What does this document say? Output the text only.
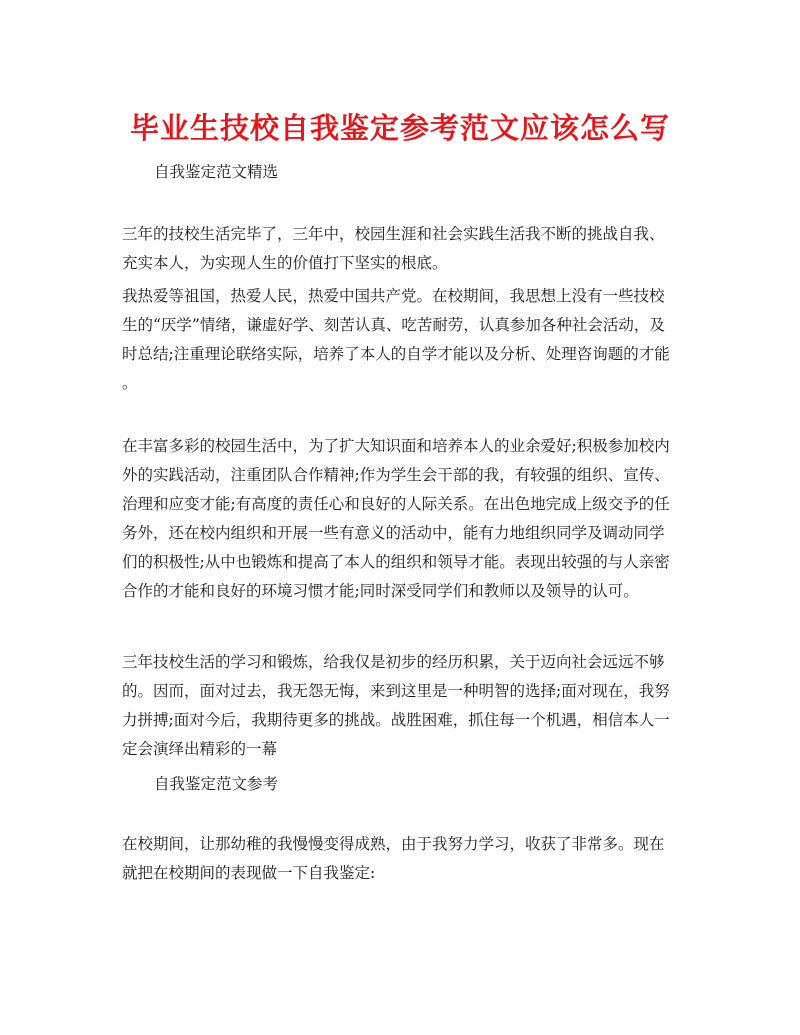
毕业生技校自我鉴定参考范文应该怎么写

自我鉴定范文精选

三年的技校生活完毕了，三年中，校园生涯和社会实践生活我不断的挑战自我、
充实本人，为实现人生的价值打下坚实的根底。

我热爱等祖国，热爱人民，热爱中国共产党。在校期间，我思想上没有一些技校
生的“厌学”情绪，谦虚好学、刻苦认真、吃苦耐劳，认真参加各种社会活动，及
时总结;注重理论联络实际，培养了本人的自学才能以及分析、处理咨询题的才能
。

在丰富多彩的校园生活中，为了扩大知识面和培养本人的业余爱好;积极参加校内
外的实践活动，注重团队合作精神;作为学生会干部的我，有较强的组织、宣传、
治理和应变才能;有高度的责任心和良好的人际关系。在出色地完成上级交予的任
务外，还在校内组织和开展一些有意义的活动中，能有力地组织同学及调动同学
们的积极性;从中也锻炼和提高了本人的组织和领导才能。表现出较强的与人亲密
合作的才能和良好的环境习惯才能;同时深受同学们和教师以及领导的认可。

三年技校生活的学习和锻炼，给我仅是初步的经历积累，关于迈向社会远远不够
的。因而，面对过去，我无怨无悔，来到这里是一种明智的选择;面对现在，我努
力拼搏;面对今后，我期待更多的挑战。战胜困难，抓住每一个机遇，相信本人一
定会演绎出精彩的一幕

自我鉴定范文参考

在校期间，让那幼稚的我慢慢变得成熟，由于我努力学习，收获了非常多。现在
就把在校期间的表现做一下自我鉴定:
